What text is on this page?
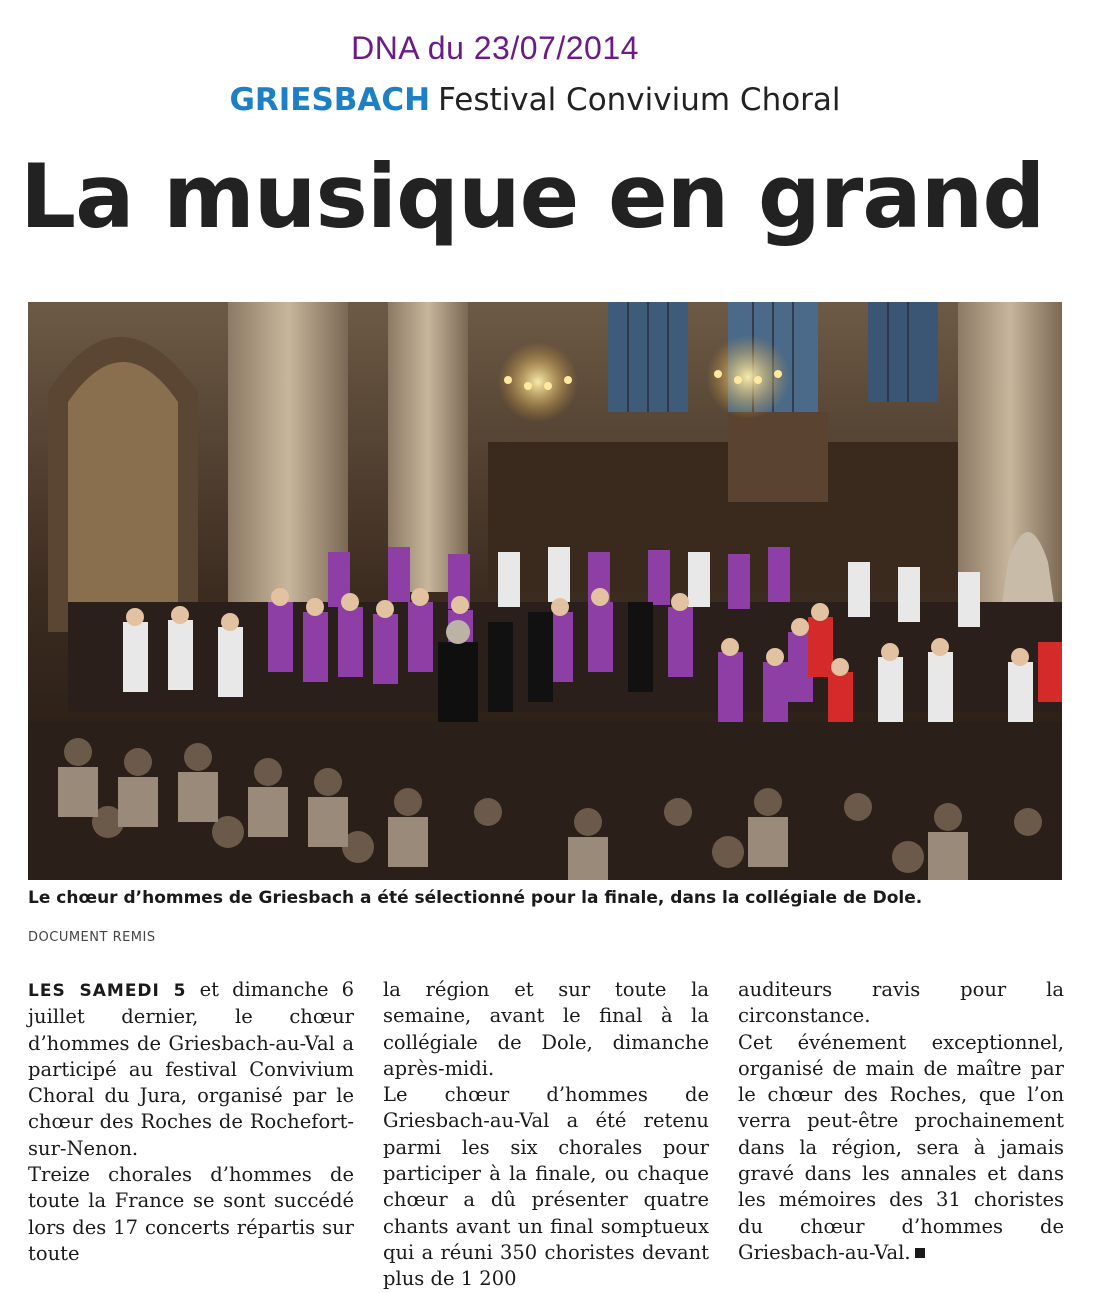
DNA du 23/07/2014
GRIESBACH Festival Convivium Choral
La musique en grand
Le chœur d’hommes de Griesbach a été sélectionné pour la finale, dans la collégiale de Dole.
DOCUMENT REMIS

LES SAMEDI 5 et dimanche 6 juillet dernier, le chœur d’hommes de Griesbach-au-Val a participé au festival Convivium Choral du Jura, organisé par le chœur des Roches de Rochefort-sur-Nenon.

Treize chorales d’hommes de toute la France se sont succédé lors des 17 concerts répartis sur toute

la région et sur toute la semaine, avant le final à la collégiale de Dole, dimanche après-midi.

Le chœur d’hommes de Griesbach-au-Val a été retenu parmi les six chorales pour participer à la finale, ou chaque chœur a dû présenter quatre chants avant un final somptueux qui a réuni 350 choristes devant plus de 1 200

auditeurs ravis pour la circonstance.

Cet événement exceptionnel, organisé de main de maître par le chœur des Roches, que l’on verra peut-être prochainement dans la région, sera à jamais gravé dans les annales et dans les mémoires des 31 choristes du chœur d’hommes de Griesbach-au-Val.
